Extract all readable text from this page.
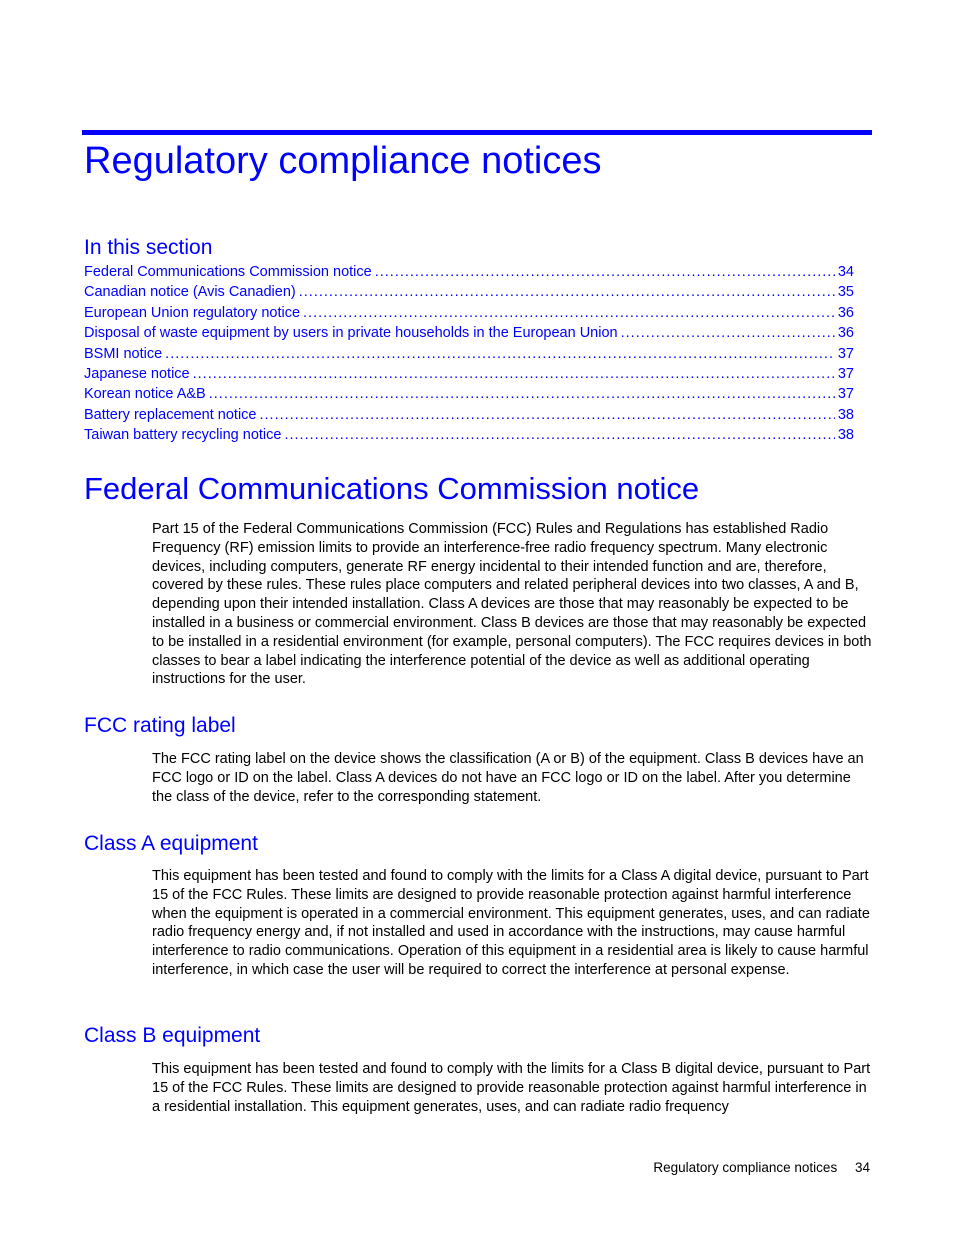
Regulatory compliance notices
In this section
Federal Communications Commission notice .....	34
Canadian notice (Avis Canadien) .....	35
European Union regulatory notice .....	36
Disposal of waste equipment by users in private households in the European Union .....	36
BSMI notice .....	37
Japanese notice .....	37
Korean notice A&B .....	37
Battery replacement notice .....	38
Taiwan battery recycling notice .....	38
Federal Communications Commission notice

Part 15 of the Federal Communications Commission (FCC) Rules and Regulations has established Radio Frequency (RF) emission limits to provide an interference-free radio frequency spectrum. Many electronic devices, including computers, generate RF energy incidental to their intended function and are, therefore, covered by these rules. These rules place computers and related peripheral devices into two classes, A and B, depending upon their intended installation. Class A devices are those that may reasonably be expected to be installed in a business or commercial environment. Class B devices are those that may reasonably be expected to be installed in a residential environment (for example, personal computers). The FCC requires devices in both classes to bear a label indicating the interference potential of the device as well as additional operating instructions for the user.

FCC rating label

The FCC rating label on the device shows the classification (A or B) of the equipment. Class B devices have an FCC logo or ID on the label. Class A devices do not have an FCC logo or ID on the label. After you determine the class of the device, refer to the corresponding statement.

Class A equipment

This equipment has been tested and found to comply with the limits for a Class A digital device, pursuant to Part 15 of the FCC Rules. These limits are designed to provide reasonable protection against harmful interference when the equipment is operated in a commercial environment. This equipment generates, uses, and can radiate radio frequency energy and, if not installed and used in accordance with the instructions, may cause harmful interference to radio communications. Operation of this equipment in a residential area is likely to cause harmful interference, in which case the user will be required to correct the interference at personal expense.

Class B equipment

This equipment has been tested and found to comply with the limits for a Class B digital device, pursuant to Part 15 of the FCC Rules. These limits are designed to provide reasonable protection against harmful interference in a residential installation. This equipment generates, uses, and can radiate radio frequency

Regulatory compliance notices 34
